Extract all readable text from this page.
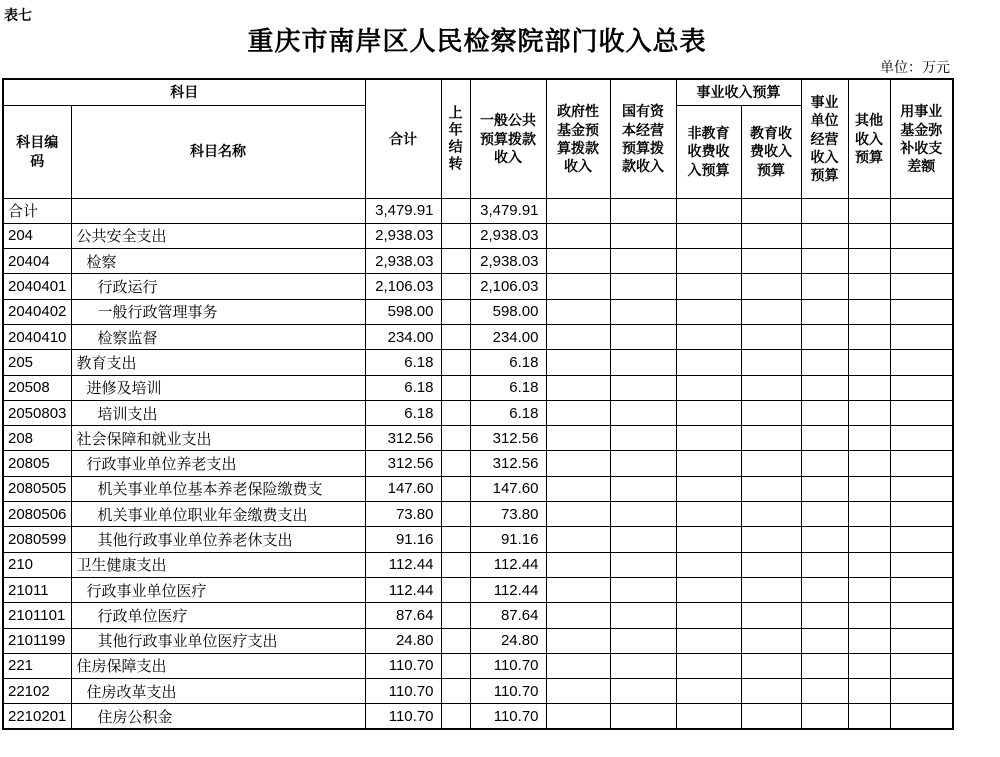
表七
重庆市南岸区人民检察院部门收入总表
单位：万元
科目		合计	上年结转	一般公共预算拨款收入	政府性基金预算拨款收入	国有资本经营预算拨款收入	事业收入预算		事业单位经营收入预算	其他收入预算	用事业基金弥补收支差额
科目编码	科目名称						非教育收费收入预算	教育收费收入预算			
合计		3,479.91		3,479.91							
204	公共安全支出	2,938.03		2,938.03							
20404	检察	2,938.03		2,938.03							
2040401	行政运行	2,106.03		2,106.03							
2040402	一般行政管理事务	598.00		598.00							
2040410	检察监督	234.00		234.00							
205	教育支出	6.18		6.18							
20508	进修及培训	6.18		6.18							
2050803	培训支出	6.18		6.18							
208	社会保障和就业支出	312.56		312.56							
20805	行政事业单位养老支出	312.56		312.56							
2080505	机关事业单位基本养老保险缴费支	147.60		147.60							
2080506	机关事业单位职业年金缴费支出	73.80		73.80							
2080599	其他行政事业单位养老休支出	91.16		91.16							
210	卫生健康支出	112.44		112.44							
21011	行政事业单位医疗	112.44		112.44							
2101101	行政单位医疗	87.64		87.64							
2101199	其他行政事业单位医疗支出	24.80		24.80							
221	住房保障支出	110.70		110.70							
22102	住房改革支出	110.70		110.70							
2210201	住房公积金	110.70		110.70							
